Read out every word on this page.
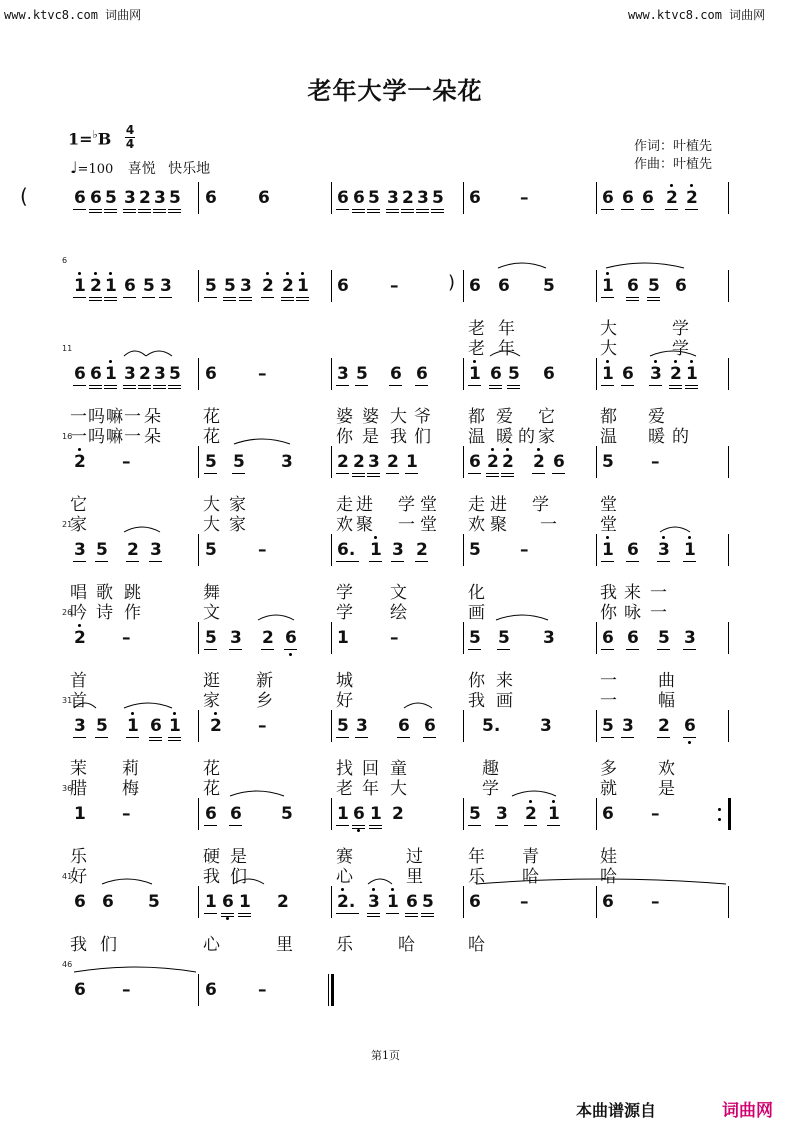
www.ktvc8.com 词曲网	www.ktvc8.com 词曲网
老年大学一朵花
1=♭B 4
4
♩=100 喜悦 快乐地
作词：叶植先
作曲：叶植先
6 6 5 3 2 3 5 6 6	6 6 5 3 2 3 5 6 –	6 6 6 2 2
1 2 1 6 5 3 5 5 3 2 2 1 6 –	6 6 5	1 6 5 6
6 6 1 3 2 3 5 6 –	3 5 6 6 1 6 5 6	1 6 3 2 1
2 –	5 5 3	2 2 3 2 1	6 2 2 2 6 5 –
3 5 2 3	5 –	6. 1 3 2 5 –	1 6 3 1
2 –	5 3 2 6 1 –	5 5 3	6 6 5 3
3 5 1 6 1 2 –	5 3 6 6	5. 3	5 3 2 6
1 –	6 6 5	1 6 1 2	5 3 2 1 6 –
6 6 5	1 6 1 2	2. 3 1 6 5 6 –	6 –
6 –	6 –
(
)
6
11
16
21
26
31
36
41
46
老 年	大	学
老 年	大	学
一 吗 嘛 一 朵 花	婆 婆 大 爷 都 爱 它	都 爱
一 吗 嘛 一 朵 花	你 是 我 们 温 暖 的 家	温 暖 的
它	大 家	走 进 学 堂 走 进 学	堂
家	大 家	欢 聚 一 堂 欢 聚 一	堂
唱 歌 跳	舞	学 文	化	我 来 一
吟 诗 作	文	学 绘	画	你 咏 一
首	逛 新	城	你 来	一 曲
首	家 乡	好	我 画	一 幅
茉 莉	花	找 回 童	趣	多 欢
腊 梅	花	老 年 大	学	就 是
乐	硬 是	赛	过	年 青	娃
好	我 们	心	里	乐 哈	哈
我 们	心	里	乐	哈	哈
第1页
本曲谱源自	词曲网
